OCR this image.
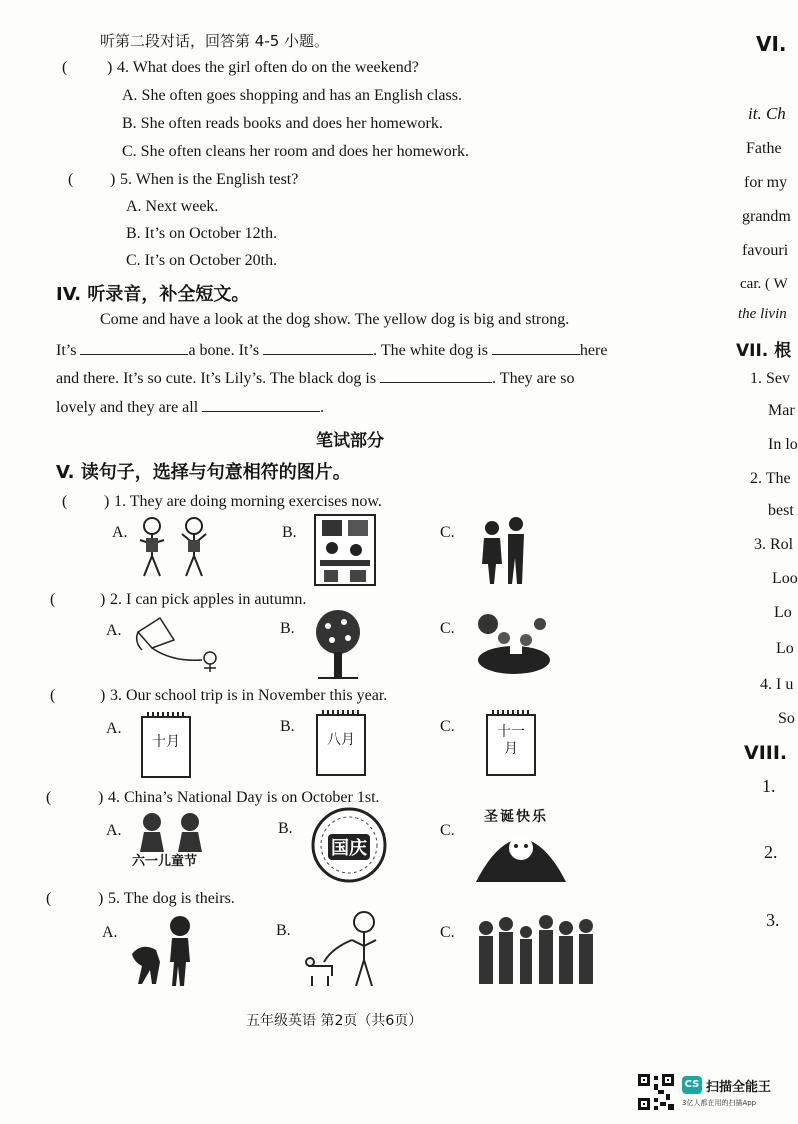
听第二段对话，回答第 4-5 小题。
( ) 4. What does the girl often do on the weekend?
A. She often goes shopping and has an English class.
B. She often reads books and does her homework.
C. She often cleans her room and does her homework.
( ) 5. When is the English test?
A. Next week.
B. It’s on October 12th.
C. It’s on October 20th.
IV. 听录音，补全短文。
Come and have a look at the dog show. The yellow dog is big and strong.
It’s	a bone. It’s	. The white dog is	here
and there. It’s so cute. It’s Lily’s. The black dog is	. They are so
lovely and they are all	.
笔试部分
V. 读句子，选择与句意相符的图片。
( ) 1. They are doing morning exercises now.
A.	B.	C.
(	) 2. I can pick apples in autumn.
A.	B.	C.
(	) 3. Our school trip is in November this year.
A.	B.	C.
十月	八月	十一
月
(	) 4. China’s National Day is on October 1st.
A.	B.	C.
六一儿童节
国庆
圣诞快乐
(	) 5. The dog is theirs.
A.	B.	C.
五年级英语 第2页（共6页）
VI.
it. Ch
Fathe
for my
grandm
favouri
car. ( W
the livin
VII. 根
1. Sev
Mar
In lo
2. The
best
3. Rol
Loo
Lo
Lo
4. I u
So
VIII.
1.
2.
3.
CS 扫描全能王
3亿人都在用的扫描App
